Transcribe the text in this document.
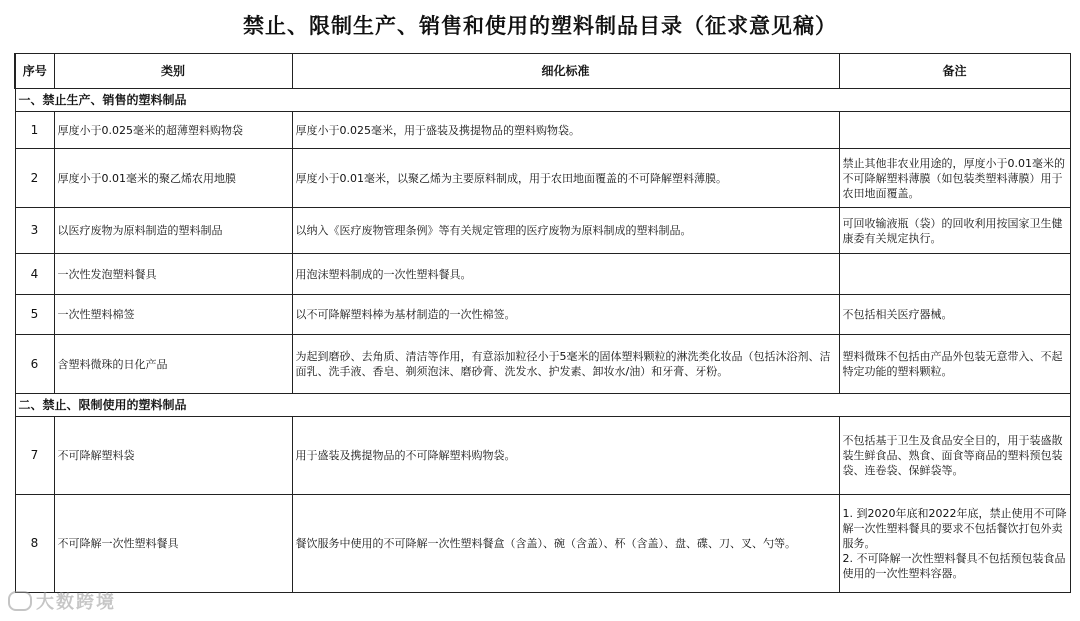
禁止、限制生产、销售和使用的塑料制品目录（征求意见稿）
序号	类别	细化标准	备注
一、禁止生产、销售的塑料制品			
1	厚度小于0.025毫米的超薄塑料购物袋	厚度小于0.025毫米，用于盛装及携提物品的塑料购物袋。	
2	厚度小于0.01毫米的聚乙烯农用地膜	厚度小于0.01毫米，以聚乙烯为主要原料制成，用于农田地面覆盖的不可降解塑料薄膜。	禁止其他非农业用途的，厚度小于0.01毫米的不可降解塑料薄膜（如包装类塑料薄膜）用于农田地面覆盖。
3	以医疗废物为原料制造的塑料制品	以纳入《医疗废物管理条例》等有关规定管理的医疗废物为原料制成的塑料制品。	可回收输液瓶（袋）的回收利用按国家卫生健康委有关规定执行。
4	一次性发泡塑料餐具	用泡沫塑料制成的一次性塑料餐具。	
5	一次性塑料棉签	以不可降解塑料棒为基材制造的一次性棉签。	不包括相关医疗器械。
6	含塑料微珠的日化产品	为起到磨砂、去角质、清洁等作用，有意添加粒径小于5毫米的固体塑料颗粒的淋洗类化妆品（包括沐浴剂、洁面乳、洗手液、香皂、剃须泡沫、磨砂膏、洗发水、护发素、卸妆水/油）和牙膏、牙粉。	塑料微珠不包括由产品外包装无意带入、不起特定功能的塑料颗粒。
二、禁止、限制使用的塑料制品			
7	不可降解塑料袋	用于盛装及携提物品的不可降解塑料购物袋。	不包括基于卫生及食品安全目的，用于装盛散装生鲜食品、熟食、面食等商品的塑料预包装袋、连卷袋、保鲜袋等。
8	不可降解一次性塑料餐具	餐饮服务中使用的不可降解一次性塑料餐盒（含盖）、碗（含盖）、杯（含盖）、盘、碟、刀、叉、勺等。	1. 到2020年底和2022年底，禁止使用不可降解一次性塑料餐具的要求不包括餐饮打包外卖服务。
2. 不可降解一次性塑料餐具不包括预包装食品使用的一次性塑料容器。
大数跨境
